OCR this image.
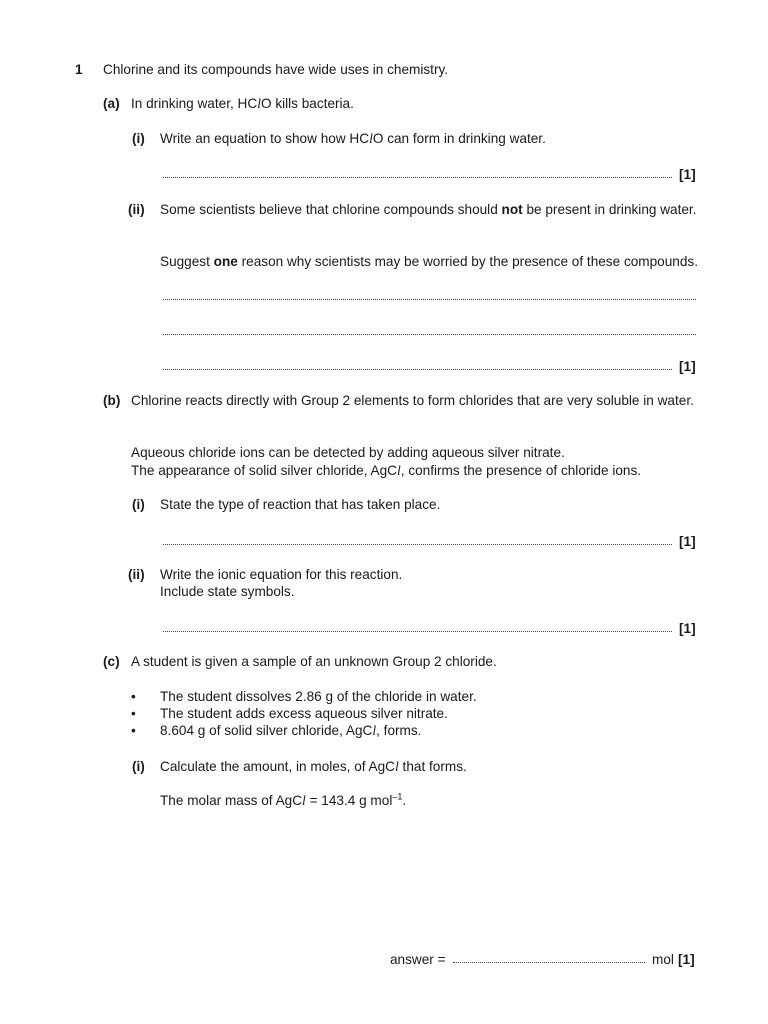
1 Chlorine and its compounds have wide uses in chemistry.
(a) In drinking water, HClO kills bacteria.
(i) Write an equation to show how HClO can form in drinking water.
[1]
(ii) Some scientists believe that chlorine compounds should not be present in drinking water.
Suggest one reason why scientists may be worried by the presence of these compounds.
[1]
(b) Chlorine reacts directly with Group 2 elements to form chlorides that are very soluble in water.
Aqueous chloride ions can be detected by adding aqueous silver nitrate.
The appearance of solid silver chloride, AgCl, confirms the presence of chloride ions.
(i) State the type of reaction that has taken place.
[1]
(ii) Write the ionic equation for this reaction.
Include state symbols.
[1]
(c) A student is given a sample of an unknown Group 2 chloride.
• The student dissolves 2.86 g of the chloride in water.
• The student adds excess aqueous silver nitrate.
• 8.604 g of solid silver chloride, AgCl, forms.
(i) Calculate the amount, in moles, of AgCl that forms.
The molar mass of AgCl = 143.4 g mol$^{-1}$.
answer =	mol [1]
